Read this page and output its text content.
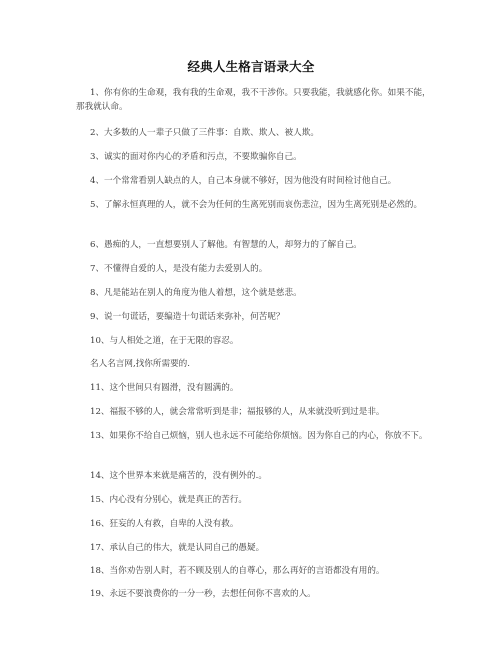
经典人生格言语录大全
1、你有你的生命观，我有我的生命观，我不干涉你。只要我能，我就感化你。如果不能，那我就认命。
2、大多数的人一辈子只做了三件事：自欺、欺人、被人欺。
3、诚实的面对你内心的矛盾和污点，不要欺骗你自己。
4、一个常常看别人缺点的人，自己本身就不够好，因为他没有时间检讨他自己。
5、了解永恒真理的人，就不会为任何的生离死别而哀伤悲泣，因为生离死别是必然的。
6、愚痴的人，一直想要别人了解他。有智慧的人，却努力的了解自己。
7、不懂得自爱的人，是没有能力去爱别人的。
8、凡是能站在别人的角度为他人着想，这个就是慈悲。
9、说一句谎话，要编造十句谎话来弥补，何苦呢？
10、与人相处之道，在于无限的容忍。
名人名言网,找你所需要的.
11、这个世间只有圆滑，没有圆满的。
12、福报不够的人，就会常常听到是非；福报够的人，从来就没听到过是非。
13、如果你不给自己烦恼，别人也永远不可能给你烦恼。因为你自己的内心，你放不下。
14、这个世界本来就是痛苦的，没有例外的.。
15、内心没有分别心，就是真正的苦行。
16、狂妄的人有救，自卑的人没有救。
17、承认自己的伟大，就是认同自己的愚疑。
18、当你劝告别人时，若不顾及别人的自尊心，那么再好的言语都没有用的。
19、永远不要浪费你的一分一秒，去想任何你不喜欢的人。
